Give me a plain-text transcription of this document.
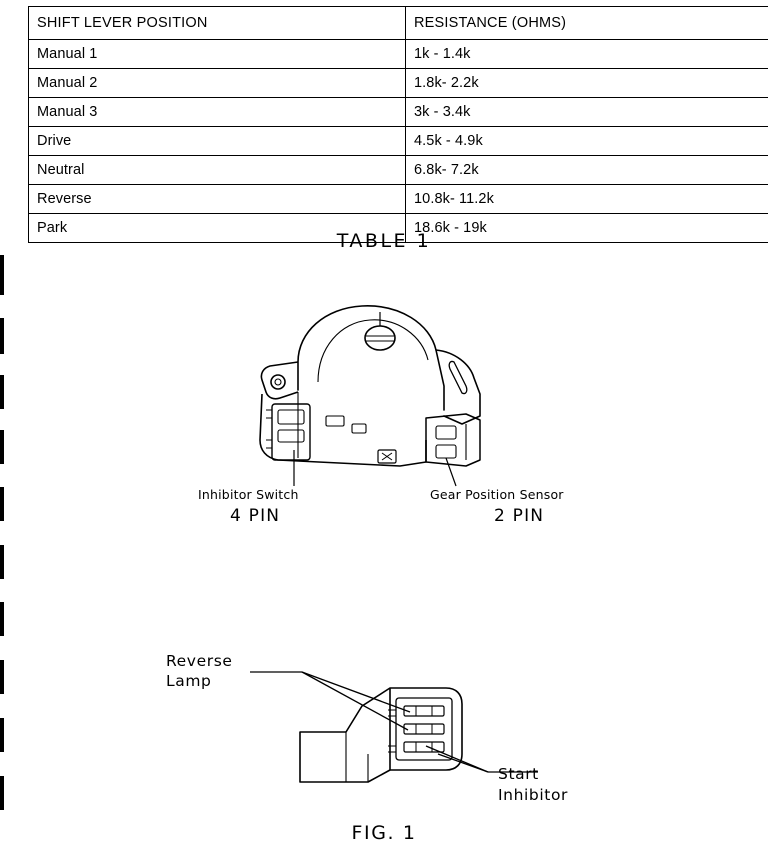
SHIFT LEVER POSITION	RESISTANCE (OHMS)
Manual 1	1k - 1.4k
Manual 2	1.8k- 2.2k
Manual 3	3k - 3.4k
Drive	4.5k - 4.9k
Neutral	6.8k- 7.2k
Reverse	10.8k- 11.2k
Park	18.6k - 19k
TABLE 1
Inhibitor Switch
4 PIN
Gear Position Sensor
2 PIN
Reverse
Lamp
Start
Inhibitor
FIG. 1
